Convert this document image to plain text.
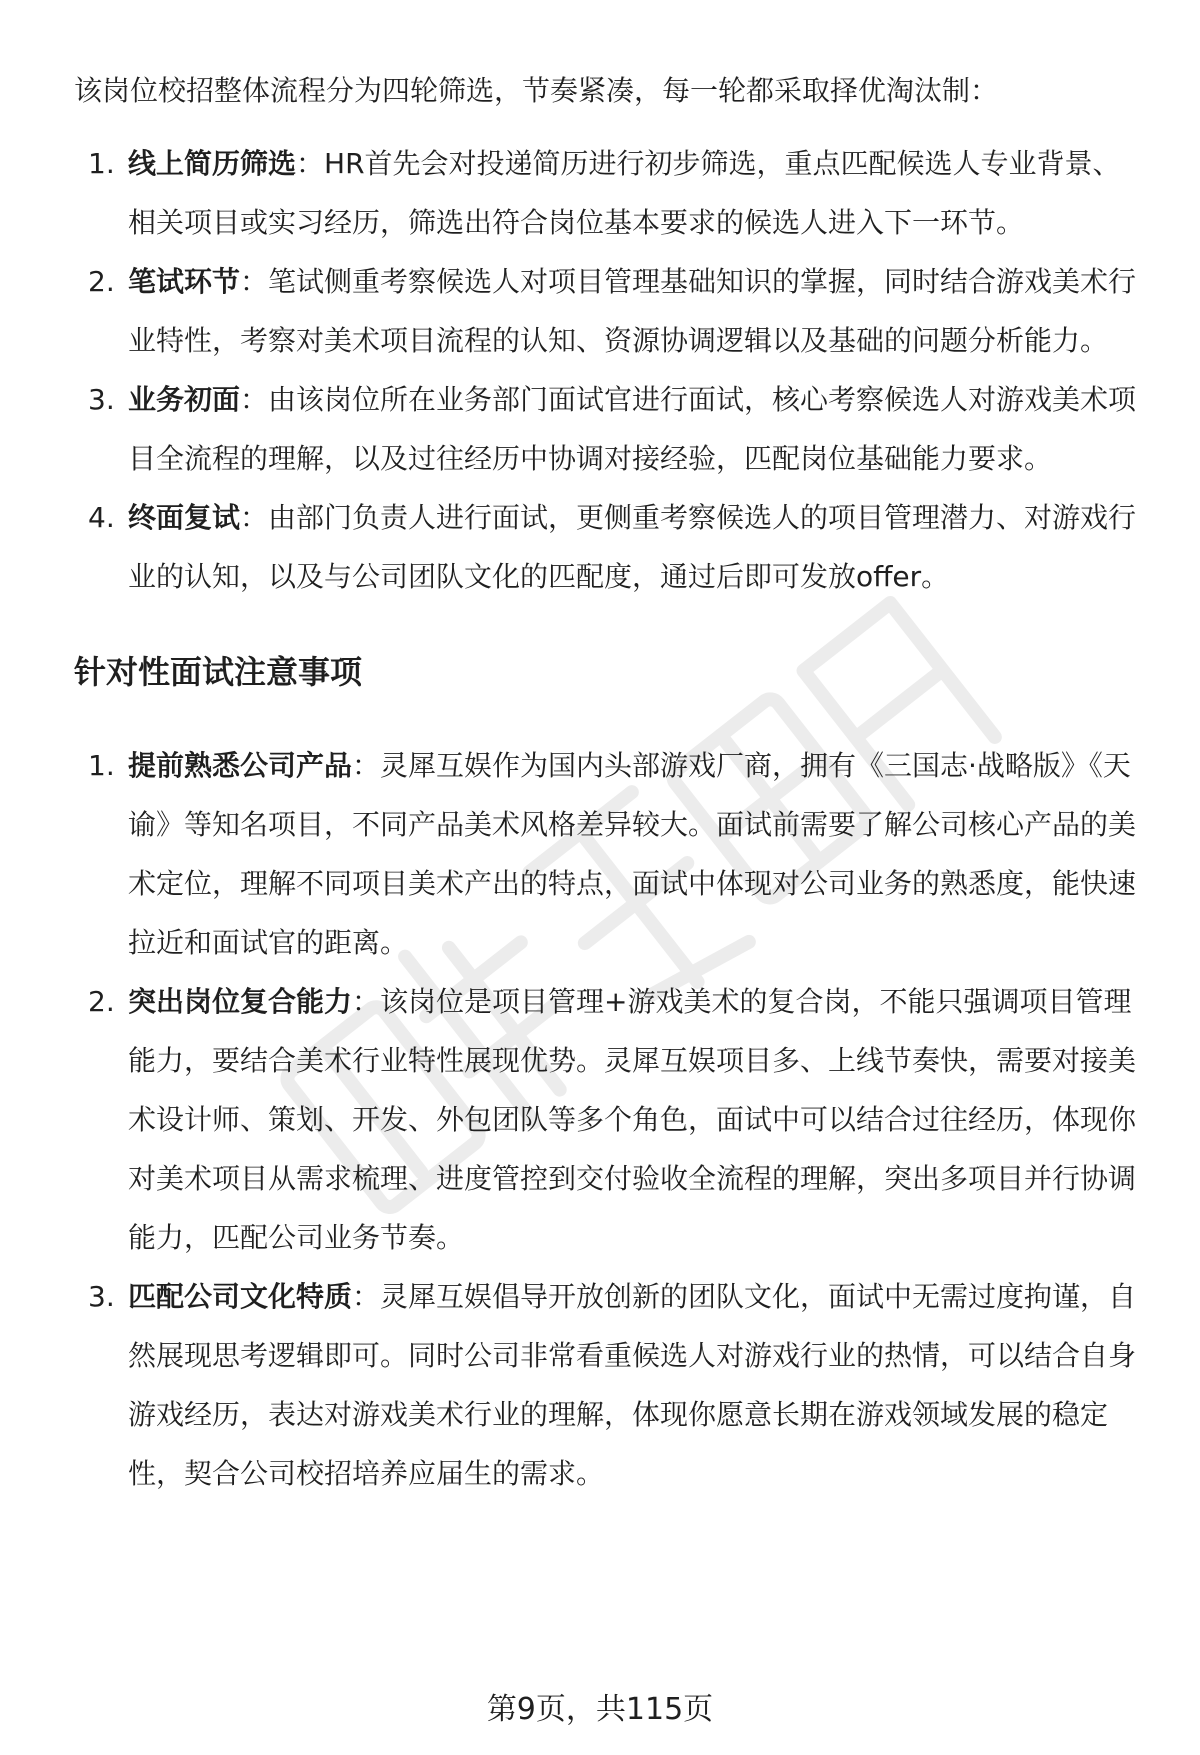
该岗位校招整体流程分为四轮筛选，节奏紧凑，每一轮都采取择优淘汰制：

1. 线上简历筛选：HR首先会对投递简历进行初步筛选，重点匹配候选人专业背景、相关项目或实习经历，筛选出符合岗位基本要求的候选人进入下一环节。
2. 笔试环节：笔试侧重考察候选人对项目管理基础知识的掌握，同时结合游戏美术行业特性，考察对美术项目流程的认知、资源协调逻辑以及基础的问题分析能力。
3. 业务初面：由该岗位所在业务部门面试官进行面试，核心考察候选人对游戏美术项目全流程的理解，以及过往经历中协调对接经验，匹配岗位基础能力要求。
4. 终面复试：由部门负责人进行面试，更侧重考察候选人的项目管理潜力、对游戏行业的认知，以及与公司团队文化的匹配度，通过后即可发放offer。
针对性面试注意事项
1. 提前熟悉公司产品：灵犀互娱作为国内头部游戏厂商，拥有《三国志·战略版》《天谕》等知名项目，不同产品美术风格差异较大。面试前需要了解公司核心产品的美术定位，理解不同项目美术产出的特点，面试中体现对公司业务的熟悉度，能快速拉近和面试官的距离。
2. 突出岗位复合能力：该岗位是项目管理+游戏美术的复合岗，不能只强调项目管理能力，要结合美术行业特性展现优势。灵犀互娱项目多、上线节奏快，需要对接美术设计师、策划、开发、外包团队等多个角色，面试中可以结合过往经历，体现你对美术项目从需求梳理、进度管控到交付验收全流程的理解，突出多项目并行协调能力，匹配公司业务节奏。
3. 匹配公司文化特质：灵犀互娱倡导开放创新的团队文化，面试中无需过度拘谨，自然展现思考逻辑即可。同时公司非常看重候选人对游戏行业的热情，可以结合自身游戏经历，表达对游戏美术行业的理解，体现你愿意长期在游戏领域发展的稳定性，契合公司校招培养应届生的需求。
第9页，共115页
